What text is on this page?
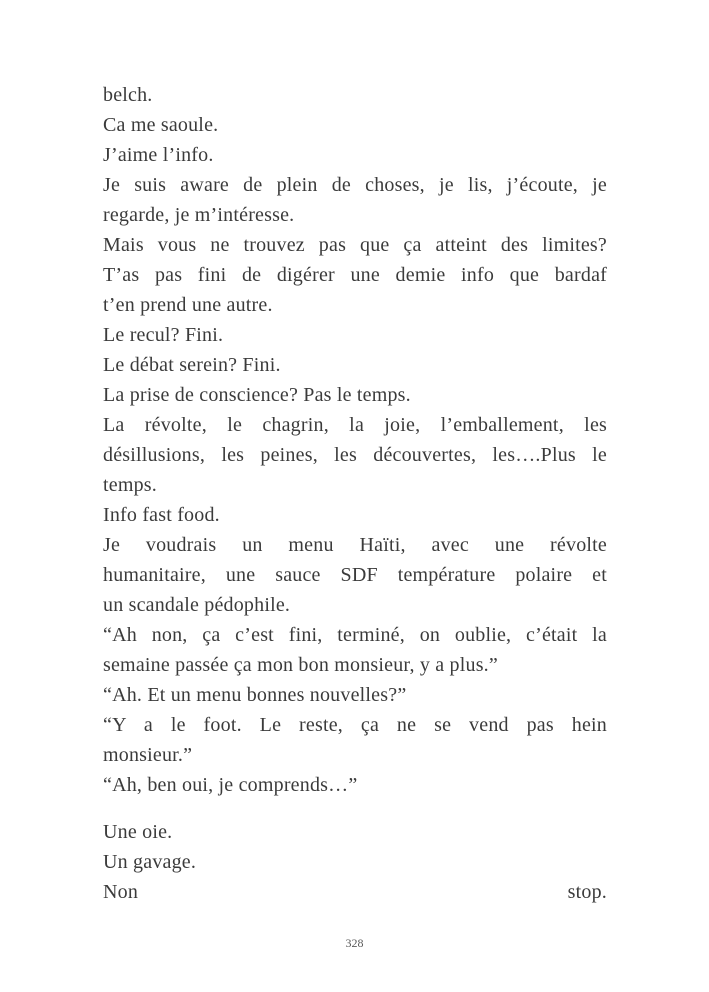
belch.
Ca me saoule.
J’aime l’info.
Je suis aware de plein de choses, je lis, j’écoute, je
regarde, je m’intéresse.
Mais vous ne trouvez pas que ça atteint des limites?
T’as pas fini de digérer une demie info que bardaf
t’en prend une autre.
Le recul? Fini.
Le débat serein? Fini.
La prise de conscience? Pas le temps.
La révolte, le chagrin, la joie, l’emballement, les
désillusions, les peines, les découvertes, les….Plus le
temps.
Info fast food.
Je voudrais un menu Haïti, avec une révolte
humanitaire, une sauce SDF température polaire et
un scandale pédophile.
“Ah non, ça c’est fini, terminé, on oublie, c’était la
semaine passée ça mon bon monsieur, y a plus.”
“Ah. Et un menu bonnes nouvelles?”
“Y a le foot. Le reste, ça ne se vend pas hein
monsieur.”
“Ah, ben oui, je comprends…”
Une oie.
Un gavage.
Non stop.
328
